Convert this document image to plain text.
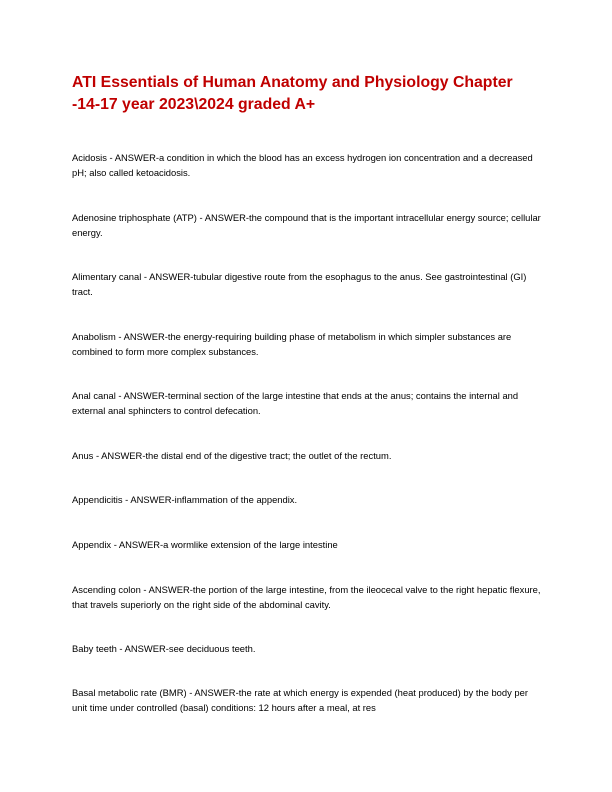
ATI Essentials of Human Anatomy and Physiology Chapter -14-17 year 2023\2024 graded A+

Acidosis - ANSWER-a condition in which the blood has an excess hydrogen ion concentration and a decreased pH; also called ketoacidosis.

Adenosine triphosphate (ATP) - ANSWER-the compound that is the important intracellular energy source; cellular energy.

Alimentary canal - ANSWER-tubular digestive route from the esophagus to the anus. See gastrointestinal (GI) tract.

Anabolism - ANSWER-the energy-requiring building phase of metabolism in which simpler substances are combined to form more complex substances.

Anal canal - ANSWER-terminal section of the large intestine that ends at the anus; contains the internal and external anal sphincters to control defecation.

Anus - ANSWER-the distal end of the digestive tract; the outlet of the rectum.

Appendicitis - ANSWER-inflammation of the appendix.

Appendix - ANSWER-a wormlike extension of the large intestine

Ascending colon - ANSWER-the portion of the large intestine, from the ileocecal valve to the right hepatic flexure, that travels superiorly on the right side of the abdominal cavity.

Baby teeth - ANSWER-see deciduous teeth.

Basal metabolic rate (BMR) - ANSWER-the rate at which energy is expended (heat produced) by the body per unit time under controlled (basal) conditions: 12 hours after a meal, at res
